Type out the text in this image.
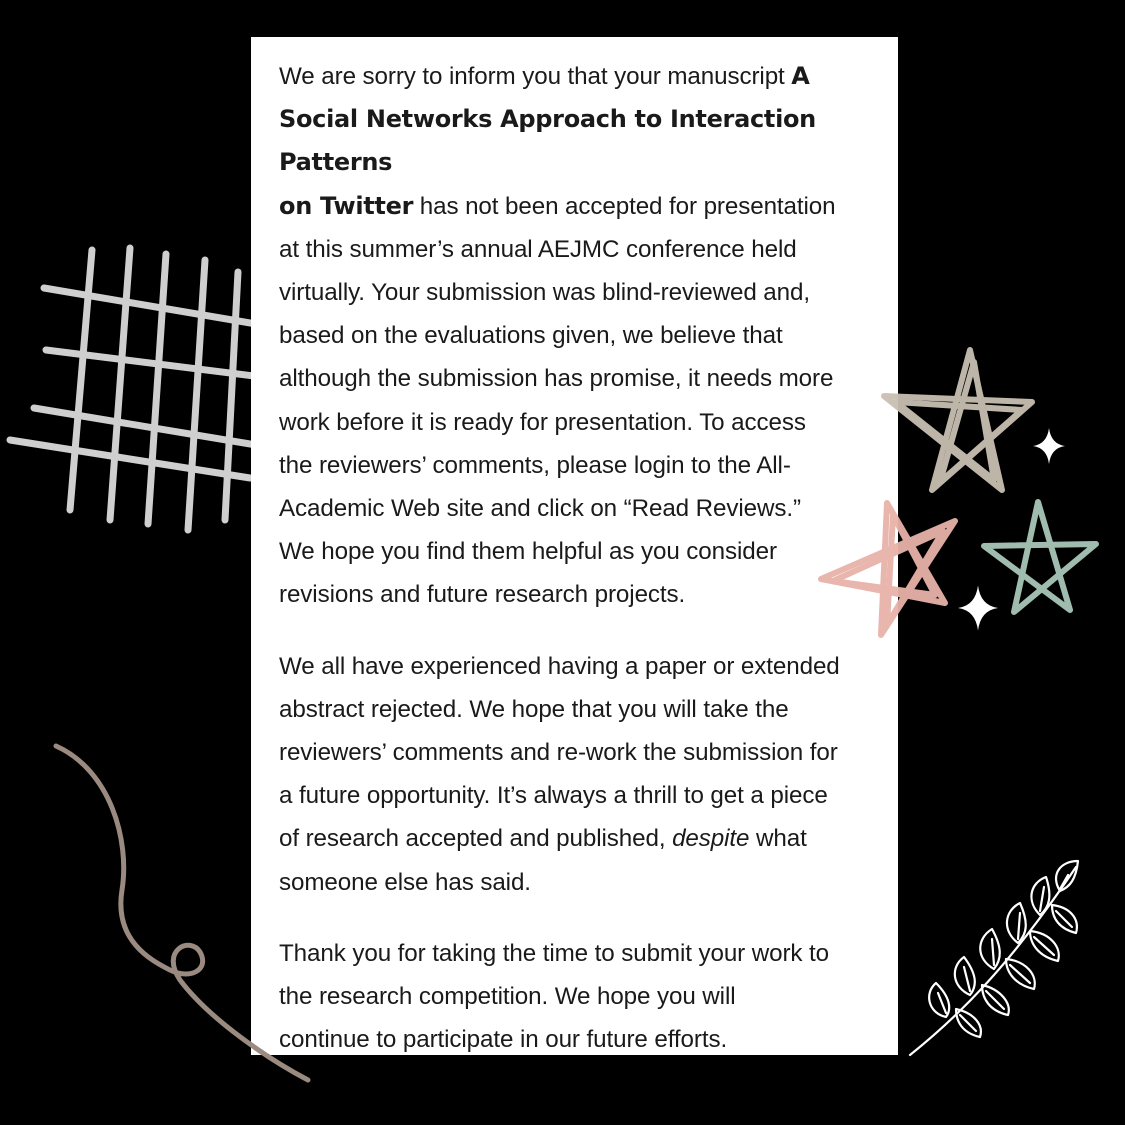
We are sorry to inform you that your manuscript A
Social Networks Approach to Interaction
Patterns
on Twitter has not been accepted for presentation
at this summer’s annual AEJMC conference held
virtually. Your submission was blind-reviewed and,
based on the evaluations given, we believe that
although the submission has promise, it needs more
work before it is ready for presentation. To access
the reviewers’ comments, please login to the All-
Academic Web site and click on “Read Reviews.”
We hope you find them helpful as you consider
revisions and future research projects.

We all have experienced having a paper or extended
abstract rejected. We hope that you will take the
reviewers’ comments and re-work the submission for
a future opportunity. It’s always a thrill to get a piece
of research accepted and published, despite what
someone else has said.

Thank you for taking the time to submit your work to
the research competition. We hope you will
continue to participate in our future efforts.
